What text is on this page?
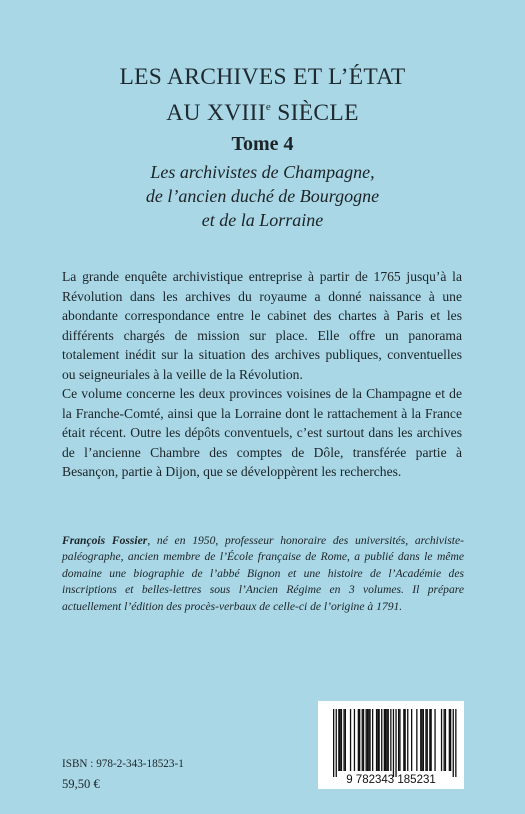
LES ARCHIVES ET L’ÉTAT
AU XVIIIe SIÈCLE
Tome 4
Les archivistes de Champagne,
de l’ancien duché de Bourgogne
et de la Lorraine

La grande enquête archivistique entreprise à partir de 1765 jusqu’à la Révolution dans les archives du royaume a donné naissance à une abondante correspondance entre le cabinet des chartes à Paris et les différents chargés de mission sur place. Elle offre un panorama totalement inédit sur la situation des archives publiques, conventuelles ou seigneuriales à la veille de la Révolution.

Ce volume concerne les deux provinces voisines de la Champagne et de la Franche-Comté, ainsi que la Lorraine dont le rattachement à la France était récent. Outre les dépôts conventuels, c’est surtout dans les archives de l’ancienne Chambre des comptes de Dôle, transférée partie à Besançon, partie à Dijon, que se développèrent les recherches.

François Fossier, né en 1950, professeur honoraire des universités, archiviste-paléographe, ancien membre de l’École française de Rome, a publié dans le même domaine une biographie de l’abbé Bignon et une histoire de l’Académie des inscriptions et belles-lettres sous l’Ancien Régime en 3 volumes. Il prépare actuellement l’édition des procès-verbaux de celle-ci de l’origine à 1791.
ISBN : 978-2-343-18523-1
59,50 €	9 782343 185231
